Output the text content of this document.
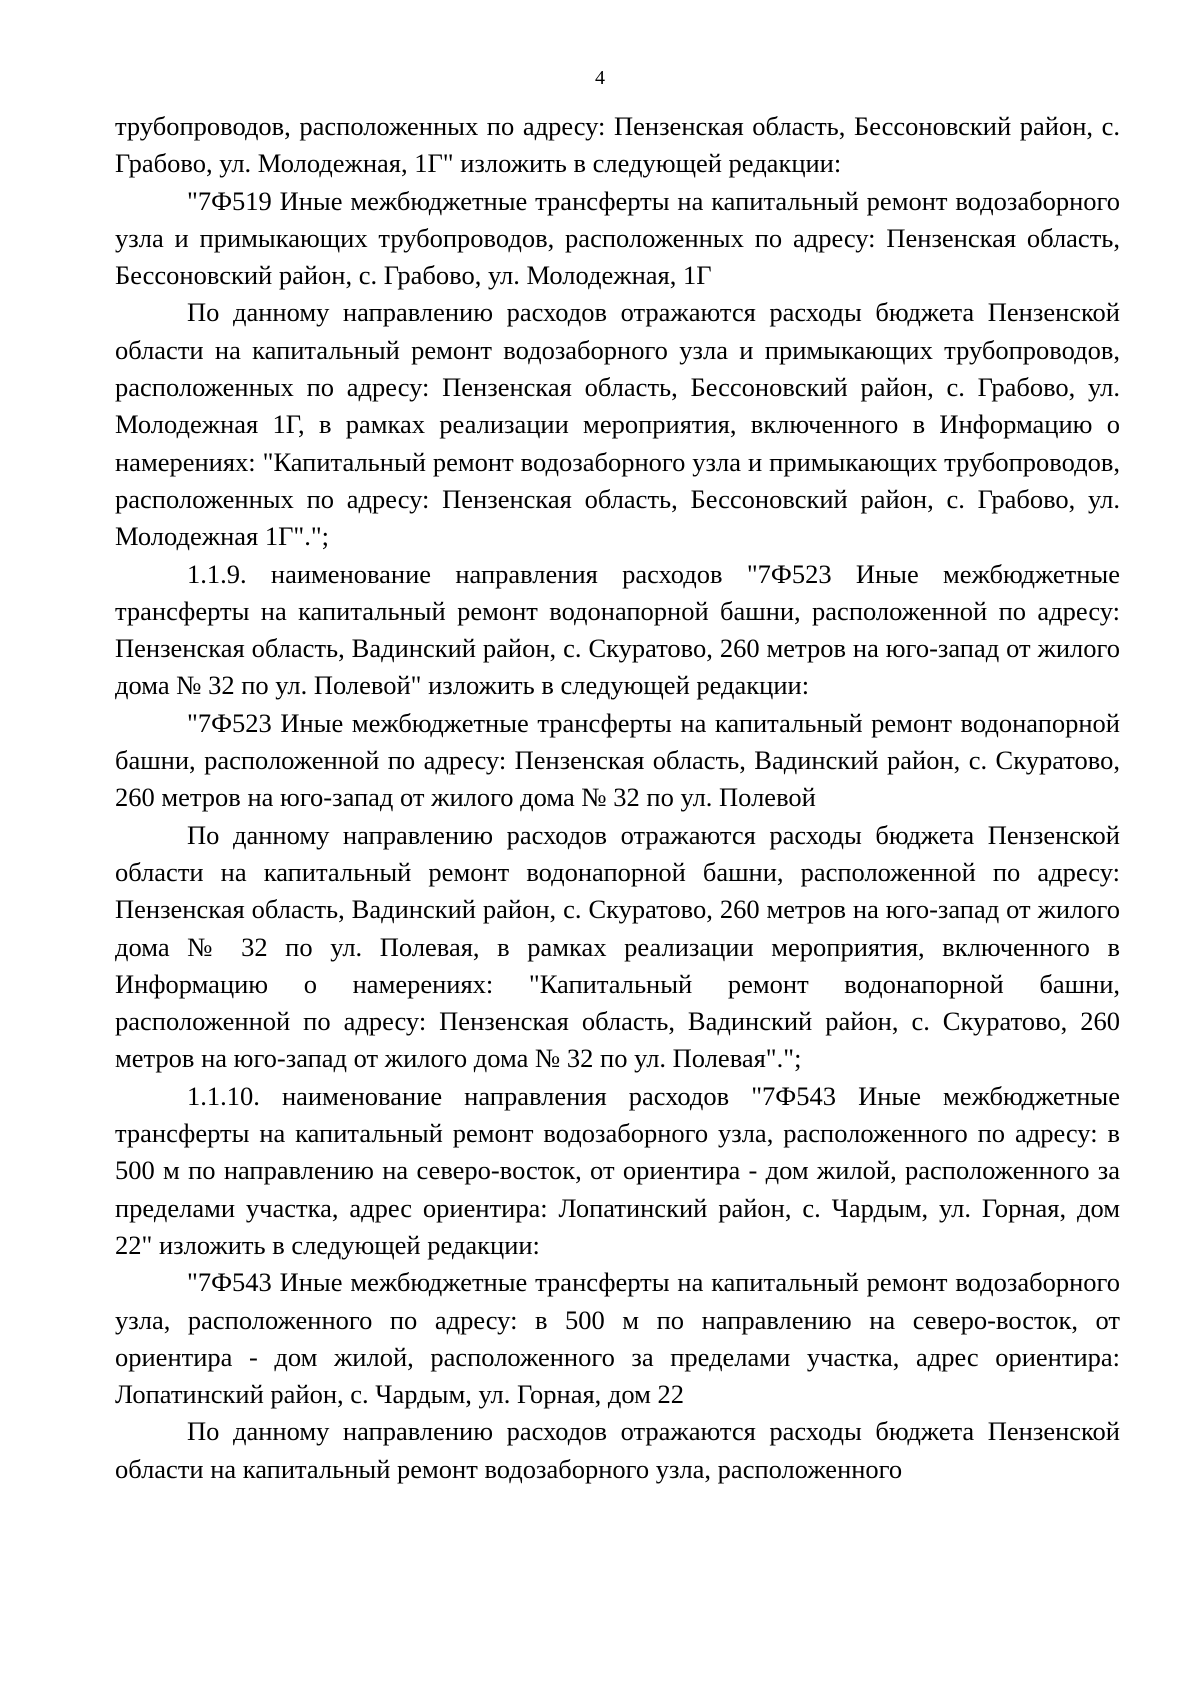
4

трубопроводов, расположенных по адресу: Пензенская область, Бессоновский район, с. Грабово, ул. Молодежная, 1Г" изложить в следующей редакции:

"7Ф519 Иные межбюджетные трансферты на капитальный ремонт водозаборного узла и примыкающих трубопроводов, расположенных по адресу: Пензенская область, Бессоновский район, с. Грабово, ул. Молодежная, 1Г

По данному направлению расходов отражаются расходы бюджета Пензенской области на капитальный ремонт водозаборного узла и примыкающих трубопроводов, расположенных по адресу: Пензенская область, Бессоновский район, с. Грабово, ул. Молодежная 1Г, в рамках реализации мероприятия, включенного в Информацию о намерениях: "Капитальный ремонт водозаборного узла и примыкающих трубопроводов, расположенных по адресу: Пензенская область, Бессоновский район, с. Грабово, ул. Молодежная 1Г".";

1.1.9. наименование направления расходов "7Ф523 Иные межбюджетные трансферты на капитальный ремонт водонапорной башни, расположенной по адресу: Пензенская область, Вадинский район, с. Скуратово, 260 метров на юго-запад от жилого дома № 32 по ул. Полевой" изложить в следующей редакции:

"7Ф523 Иные межбюджетные трансферты на капитальный ремонт водонапорной башни, расположенной по адресу: Пензенская область, Вадинский район, с. Скуратово, 260 метров на юго-запад от жилого дома № 32 по ул. Полевой

По данному направлению расходов отражаются расходы бюджета Пензенской области на капитальный ремонт водонапорной башни, расположенной по адресу: Пензенская область, Вадинский район, с. Скуратово, 260 метров на юго-запад от жилого дома № 32 по ул. Полевая, в рамках реализации мероприятия, включенного в Информацию о намерениях: "Капитальный ремонт водонапорной башни, расположенной по адресу: Пензенская область, Вадинский район, с. Скуратово, 260 метров на юго-запад от жилого дома № 32 по ул. Полевая".";

1.1.10. наименование направления расходов "7Ф543 Иные межбюджетные трансферты на капитальный ремонт водозаборного узла, расположенного по адресу: в 500 м по направлению на северо-восток, от ориентира - дом жилой, расположенного за пределами участка, адрес ориентира: Лопатинский район, с. Чардым, ул. Горная, дом 22" изложить в следующей редакции:

"7Ф543 Иные межбюджетные трансферты на капитальный ремонт водозаборного узла, расположенного по адресу: в 500 м по направлению на северо-восток, от ориентира - дом жилой, расположенного за пределами участка, адрес ориентира: Лопатинский район, с. Чардым, ул. Горная, дом 22

По данному направлению расходов отражаются расходы бюджета Пензенской области на капитальный ремонт водозаборного узла, расположенного
